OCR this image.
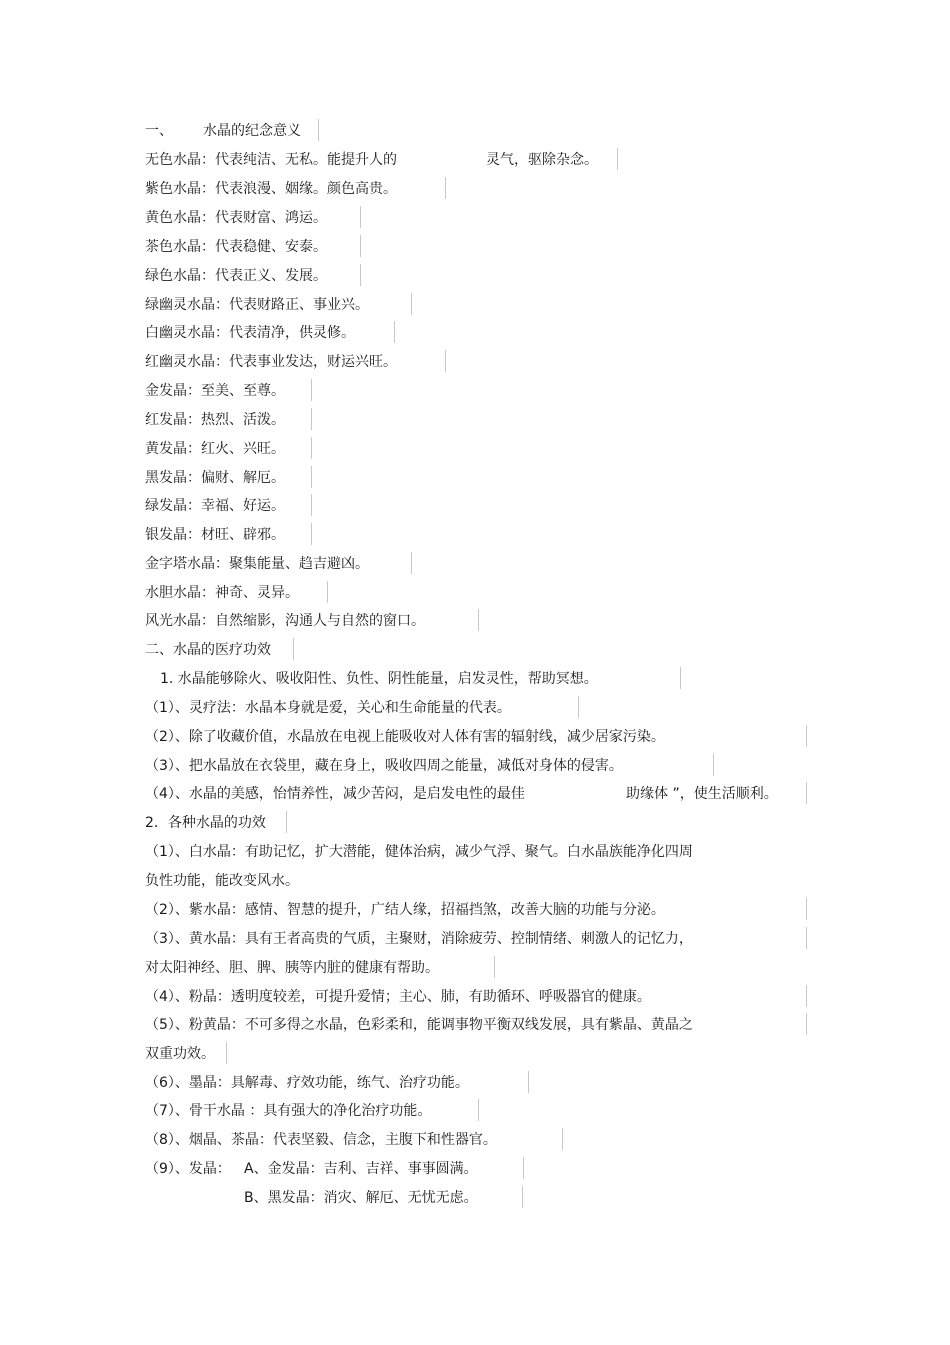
一、 水晶的纪念意义
无色水晶：代表纯洁、无私。能提升人的	灵气，驱除杂念。
紫色水晶：代表浪漫、姻缘。颜色高贵。
黄色水晶：代表财富、鸿运。
茶色水晶：代表稳健、安泰。
绿色水晶：代表正义、发展。
绿幽灵水晶：代表财路正、事业兴。
白幽灵水晶：代表清净，供灵修。
红幽灵水晶：代表事业发达，财运兴旺。
金发晶：至美、至尊。
红发晶：热烈、活泼。
黄发晶：红火、兴旺。
黑发晶：偏财、解厄。
绿发晶：幸福、好运。
银发晶：材旺、辟邪。
金字塔水晶：聚集能量、趋吉避凶。
水胆水晶：神奇、灵异。
风光水晶：自然缩影，沟通人与自然的窗口。
二、水晶的医疗功效
1. 水晶能够除火、吸收阳性、负性、阴性能量，启发灵性，帮助冥想。
（1）、灵疗法：水晶本身就是爱，关心和生命能量的代表。
（2）、除了收藏价值，水晶放在电视上能吸收对人体有害的辐射线，减少居家污染。
（3）、把水晶放在衣袋里，藏在身上，吸收四周之能量，减低对身体的侵害。
（4）、水晶的美感，怡情养性，减少苦闷，是启发电性的最佳	助缘体 ”，使生活顺利。
2．各种水晶的功效
（1）、白水晶：有助记忆，扩大潜能，健体治病，减少气浮、聚气。白水晶族能净化四周
负性功能，能改变风水。
（2）、紫水晶：感情、智慧的提升，广结人缘，招福挡煞，改善大脑的功能与分泌。
（3）、黄水晶：具有王者高贵的气质，主聚财，消除疲劳、控制情绪、刺激人的记忆力，
对太阳神经、胆、脾、胰等内脏的健康有帮助。
（4）、粉晶：透明度较差，可提升爱情；主心、肺，有助循环、呼吸器官的健康。
（5）、粉黄晶：不可多得之水晶，色彩柔和，能调事物平衡双线发展，具有紫晶、黄晶之
双重功效。
（6）、墨晶：具解毒、疗效功能，练气、治疗功能。
（7）、骨干水晶 ：具有强大的净化治疗功能。
（8）、烟晶、茶晶：代表坚毅、信念，主腹下和性器官。
（9）、发晶： A、金发晶：吉利、吉祥、事事圆满。
B、黑发晶：消灾、解厄、无忧无虑。
